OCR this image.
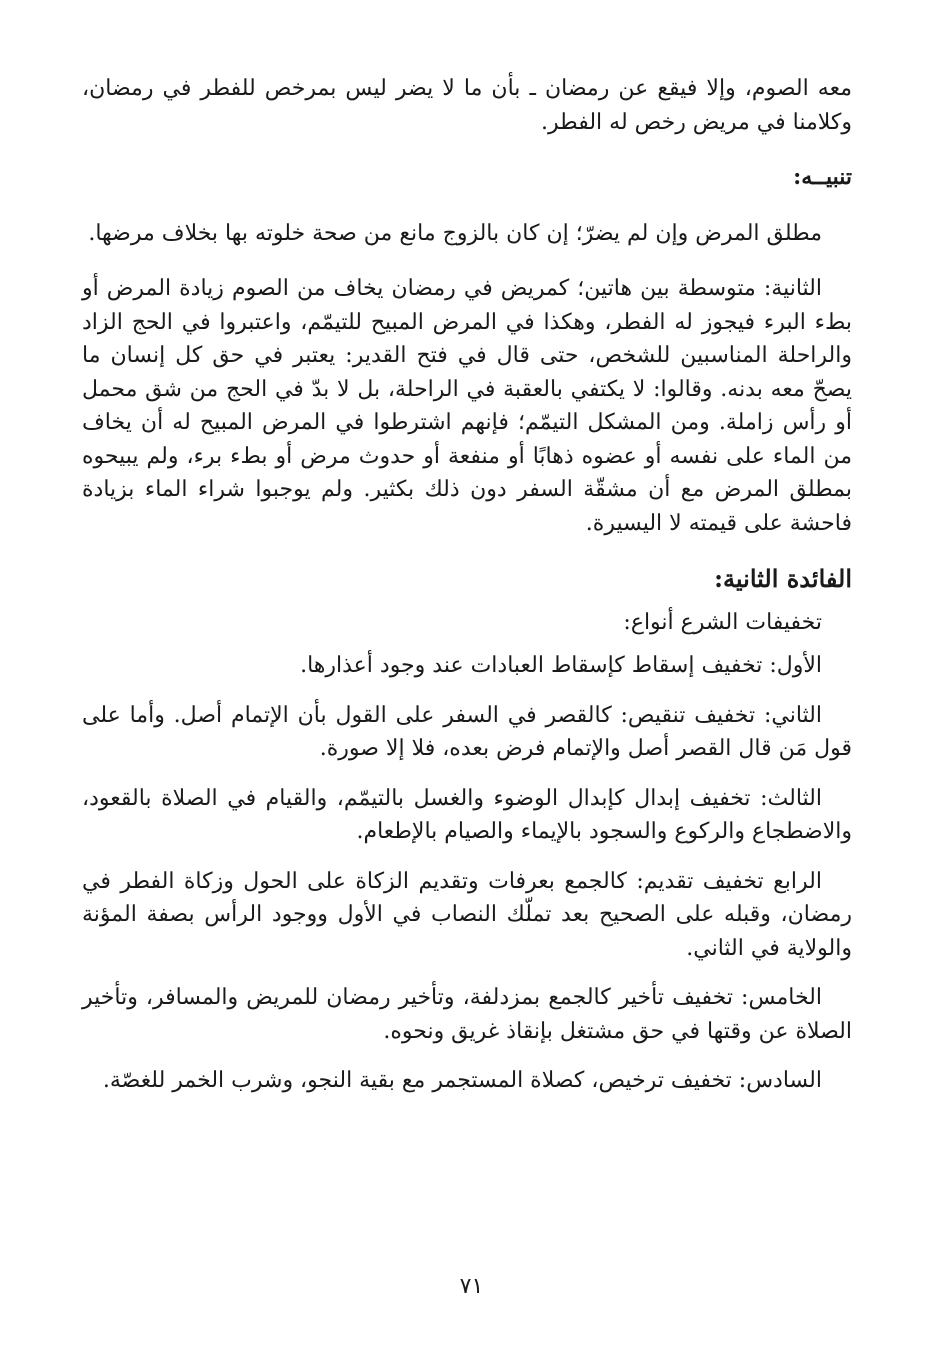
معه الصوم، وإلا فيقع عن رمضان ـ بأن ما لا يضر ليس بمرخص للفطر في رمضان، وكلامنا في مريض رخص له الفطر.

تنبيــه:

مطلق المرض وإن لم يضرّ؛ إن كان بالزوج مانع من صحة خلوته بها بخلاف مرضها.

الثانية: متوسطة بين هاتين؛ كمريض في رمضان يخاف من الصوم زيادة المرض أو بطء البرء فيجوز له الفطر، وهكذا في المرض المبيح للتيمّم، واعتبروا في الحج الزاد والراحلة المناسبين للشخص، حتى قال في فتح القدير: يعتبر في حق كل إنسان ما يصحّ معه بدنه. وقالوا: لا يكتفي بالعقبة في الراحلة، بل لا بدّ في الحج من شق محمل أو رأس زاملة. ومن المشكل التيمّم؛ فإنهم اشترطوا في المرض المبيح له أن يخاف من الماء على نفسه أو عضوه ذهابًا أو منفعة أو حدوث مرض أو بطء برء، ولم يبيحوه بمطلق المرض مع أن مشقّة السفر دون ذلك بكثير. ولم يوجبوا شراء الماء بزيادة فاحشة على قيمته لا اليسيرة.

الفائدة الثانية:

تخفيفات الشرع أنواع:

الأول: تخفيف إسقاط كإسقاط العبادات عند وجود أعذارها.

الثاني: تخفيف تنقيص: كالقصر في السفر على القول بأن الإتمام أصل. وأما على قول مَن قال القصر أصل والإتمام فرض بعده، فلا إلا صورة.

الثالث: تخفيف إبدال كإبدال الوضوء والغسل بالتيمّم، والقيام في الصلاة بالقعود، والاضطجاع والركوع والسجود بالإيماء والصيام بالإطعام.

الرابع تخفيف تقديم: كالجمع بعرفات وتقديم الزكاة على الحول وزكاة الفطر في رمضان، وقبله على الصحيح بعد تملّك النصاب في الأول ووجود الرأس بصفة المؤنة والولاية في الثاني.

الخامس: تخفيف تأخير كالجمع بمزدلفة، وتأخير رمضان للمريض والمسافر، وتأخير الصلاة عن وقتها في حق مشتغل بإنقاذ غريق ونحوه.

السادس: تخفيف ترخيص، كصلاة المستجمر مع بقية النجو، وشرب الخمر للغصّة.

٧١
